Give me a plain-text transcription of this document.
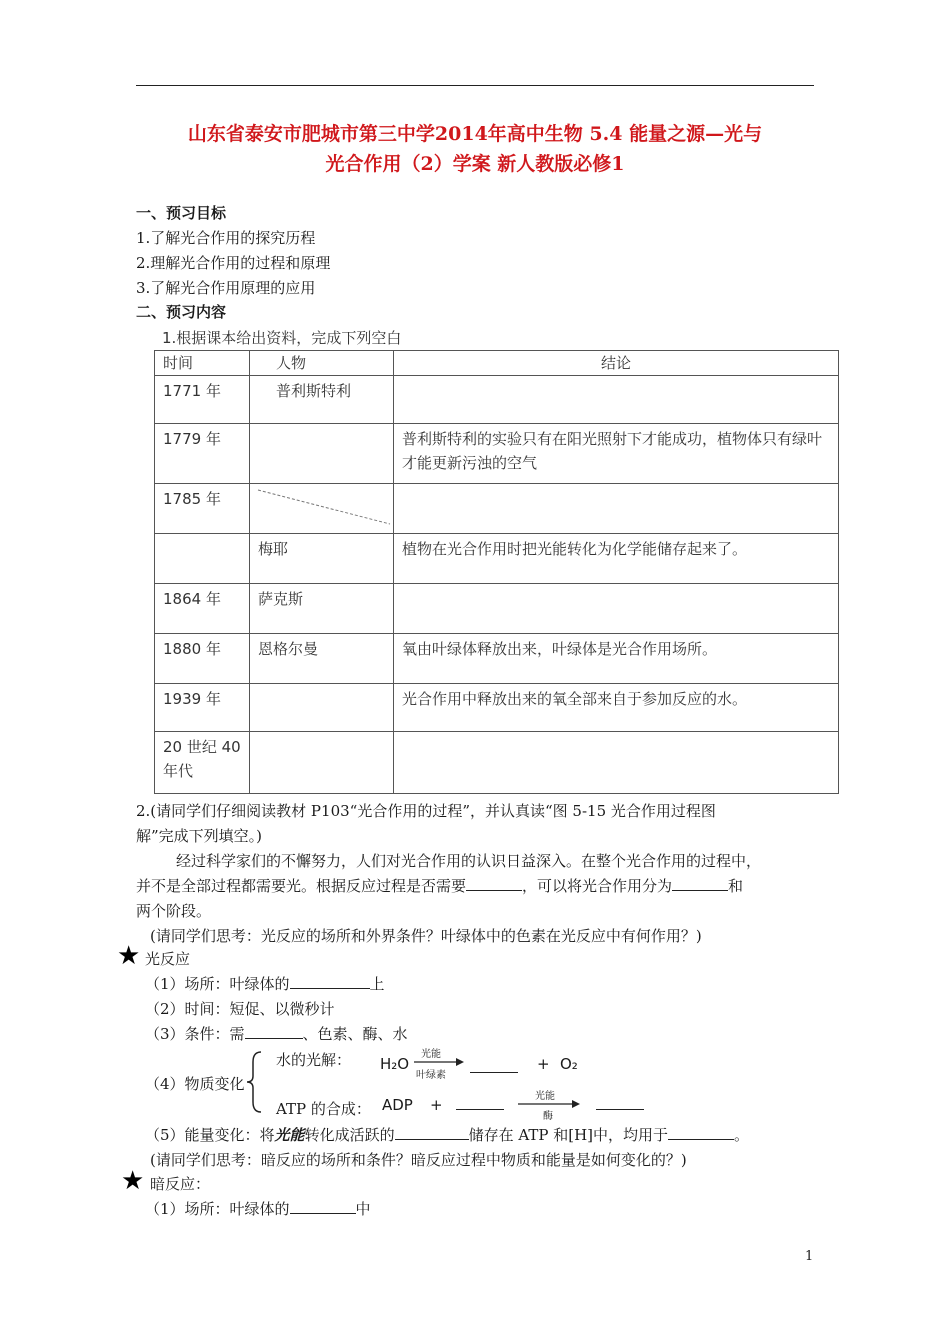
山东省泰安市肥城市第三中学2014年高中生物 5.4 能量之源—光与
光合作用（2）学案 新人教版必修1
一、预习目标
1.了解光合作用的探究历程
2.理解光合作用的过程和原理
3.了解光合作用原理的应用
二、预习内容
1.根据课本给出资料，完成下列空白
时间	人物	结论
1771 年	普利斯特利	
1779 年		普利斯特利的实验只有在阳光照射下才能成功，植物体只有绿叶才能更新污浊的空气
1785 年	

	梅耶	植物在光合作用时把光能转化为化学能储存起来了。
1864 年	萨克斯	
1880 年	恩格尔曼	氧由叶绿体释放出来，叶绿体是光合作用场所。
1939 年		光合作用中释放出来的氧全部来自于参加反应的水。
20 世纪 40 年代		
2.(请同学们仔细阅读教材 P103“光合作用的过程”，并认真读“图 5-15 光合作用过程图
解”完成下列填空。)
经过科学家们的不懈努力，人们对光合作用的认识日益深入。在整个光合作用的过程中，
并不是全部过程都需要光。根据反应过程是否需要	，可以将光合作用分为	和
两个阶段。
(请同学们思考：光反应的场所和外界条件？叶绿体中的色素在光反应中有何作用？)
★ 光反应
（1）场所：叶绿体的	上
（2）时间：短促、以微秒计
（3）条件：需	、色素、酶、水
（4）物质变化
水的光解： H₂O
光能
叶绿素
+ O₂
ATP 的合成： ADP +	光能
酶
（5）能量变化：将光能转化成活跃的	储存在 ATP 和[H]中，均用于	。
(请同学们思考：暗反应的场所和条件？暗反应过程中物质和能量是如何变化的？)
★ 暗反应：
（1）场所：叶绿体的	中
1
